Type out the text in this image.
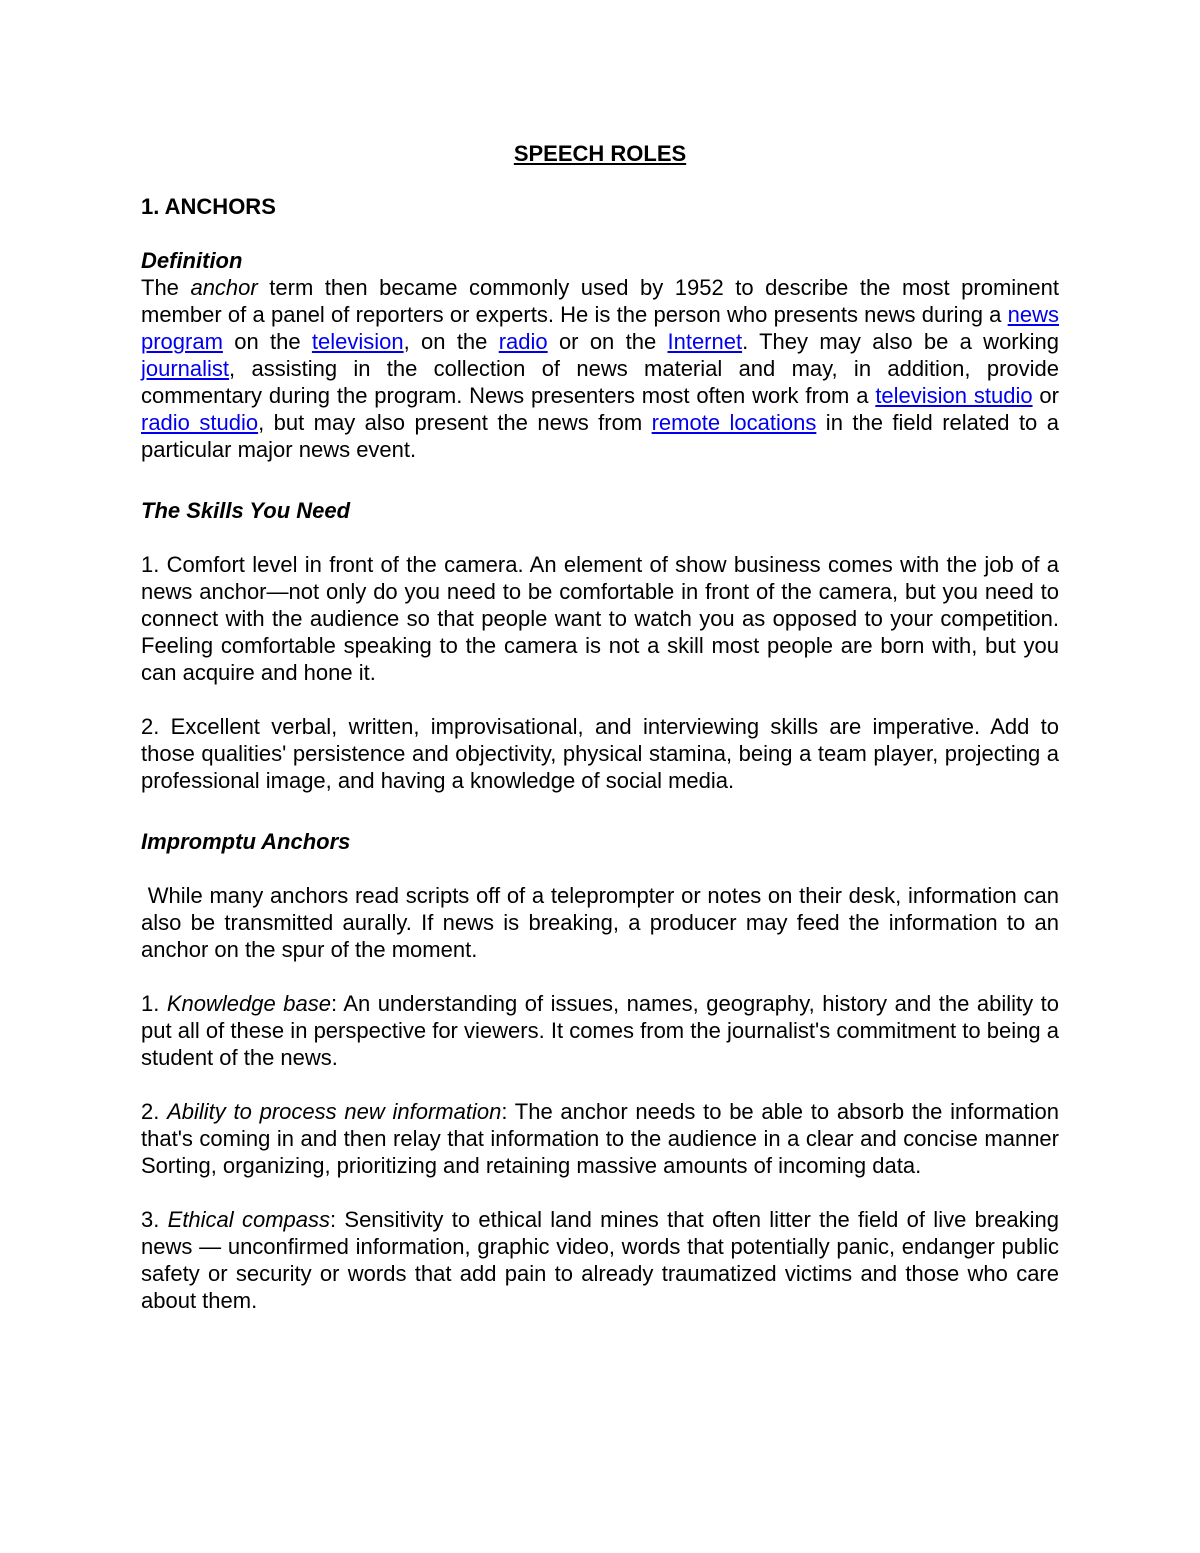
SPEECH ROLES
1. ANCHORS
Definition

The anchor term then became commonly used by 1952 to describe the most prominent member of a panel of reporters or experts. He is the person who presents news during a news program on the television, on the radio or on the Internet. They may also be a working journalist, assisting in the collection of news material and may, in addition, provide commentary during the program. News presenters most often work from a television studio or radio studio, but may also present the news from remote locations in the field related to a particular major news event.

The Skills You Need

1. Comfort level in front of the camera. An element of show business comes with the job of a news anchor—not only do you need to be comfortable in front of the camera, but you need to connect with the audience so that people want to watch you as opposed to your competition. Feeling comfortable speaking to the camera is not a skill most people are born with, but you can acquire and hone it.

2. Excellent verbal, written, improvisational, and interviewing skills are imperative. Add to those qualities' persistence and objectivity, physical stamina, being a team player, projecting a professional image, and having a knowledge of social media.

Impromptu Anchors

While many anchors read scripts off of a teleprompter or notes on their desk, information can also be transmitted aurally. If news is breaking, a producer may feed the information to an anchor on the spur of the moment.

1. Knowledge base: An understanding of issues, names, geography, history and the ability to put all of these in perspective for viewers. It comes from the journalist's commitment to being a student of the news.

2. Ability to process new information: The anchor needs to be able to absorb the information that's coming in and then relay that information to the audience in a clear and concise manner Sorting, organizing, prioritizing and retaining massive amounts of incoming data.

3. Ethical compass: Sensitivity to ethical land mines that often litter the field of live breaking news — unconfirmed information, graphic video, words that potentially panic, endanger public safety or security or words that add pain to already traumatized victims and those who care about them.
